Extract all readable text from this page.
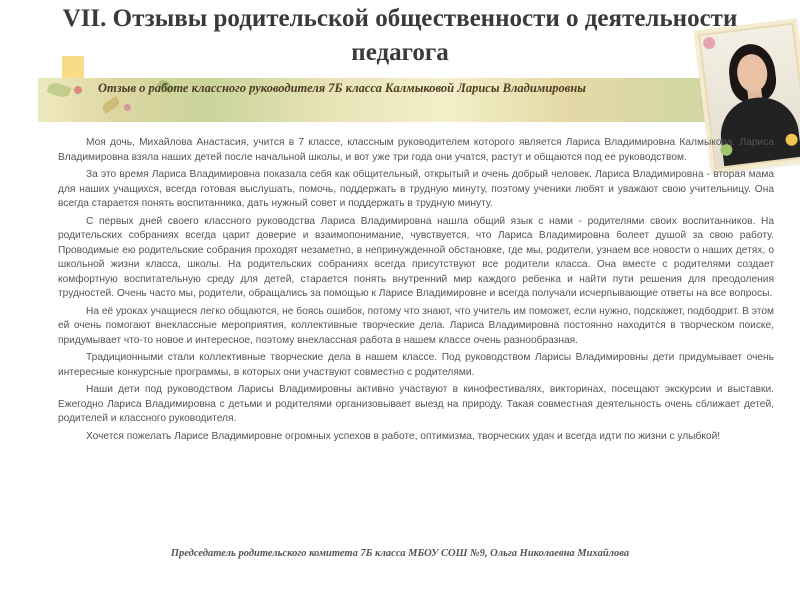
VII. Отзывы родительской общественности о деятельности педагога
Отзыв о работе классного руководителя 7Б класса Калмыковой Ларисы Владимировны

Моя дочь, Михайлова Анастасия, учится в 7 классе, классным руководителем которого является Лариса Владимировна Калмыкова. Лариса Владимировна взяла наших детей после начальной школы, и вот уже три года они учатся, растут и общаются под ее руководством.

За это время Лариса Владимировна показала себя как общительный, открытый и очень добрый человек. Лариса Владимировна - вторая мама для наших учащихся, всегда готовая выслушать, помочь, поддержать в трудную минуту, поэтому ученики любят и уважают свою учительницу. Она всегда старается понять воспитанника, дать нужный совет и поддержать в трудную минуту.

С первых дней своего классного руководства Лариса Владимировна нашла общий язык с нами - родителями своих воспитанников. На родительских собраниях всегда царит доверие и взаимопонимание, чувствуется, что Лариса Владимировна болеет душой за свою работу. Проводимые ею родительские собрания проходят незаметно, в непринужденной обстановке, где мы, родители, узнаем все новости о наших детях, о школьной жизни класса, школы. На родительских собраниях всегда присутствуют все родители класса. Она вместе с родителями создает комфортную воспитательную среду для детей, старается понять внутренний мир каждого ребенка и найти пути решения для преодоления трудностей. Очень часто мы, родители, обращались за помощью к Ларисе Владимировне и всегда получали исчерпывающие ответы на все вопросы.

На её уроках учащиеся легко общаются, не боясь ошибок, потому что знают, что учитель им поможет, если нужно, подскажет, подбодрит. В этом ей очень помогают внеклассные мероприятия, коллективные творческие дела. Лариса Владимировна постоянно находится в творческом поиске, придумывает что-то новое и интересное, поэтому внеклассная работа в нашем классе очень разнообразная.

Традиционными стали коллективные творческие дела в нашем классе. Под руководством Ларисы Владимировны дети придумывает очень интересные конкурсные программы, в которых они участвуют совместно с родителями.

Наши дети под руководством Ларисы Владимировны активно участвуют в кинофестивалях, викторинах, посещают экскурсии и выставки. Ежегодно Лариса Владимировна с детьми и родителями организовывает выезд на природу. Такая совместная деятельность очень сближает детей, родителей и классного руководителя.

Хочется пожелать Ларисе Владимировне огромных успехов в работе, оптимизма, творческих удач и всегда идти по жизни с улыбкой!

Председатель родительского комитета 7Б класса МБОУ СОШ №9, Ольга Николаевна Михайлова
